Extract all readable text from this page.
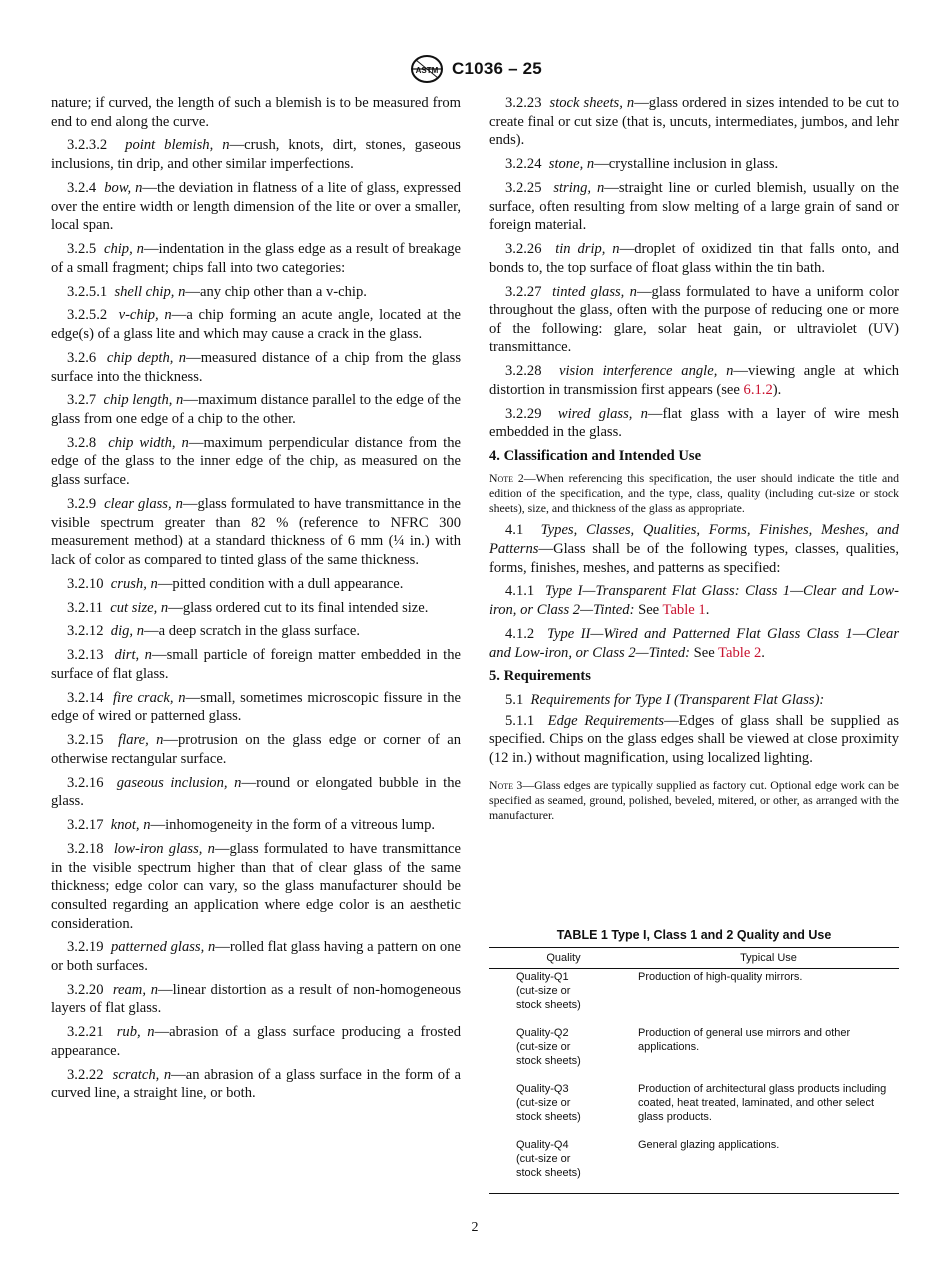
ASTM C1036 – 25

nature; if curved, the length of such a blemish is to be measured from end to end along the curve.

3.2.3.2 point blemish, n—crush, knots, dirt, stones, gaseous inclusions, tin drip, and other similar imperfections.

3.2.4 bow, n—the deviation in flatness of a lite of glass, expressed over the entire width or length dimension of the lite or over a smaller, local span.

3.2.5 chip, n—indentation in the glass edge as a result of breakage of a small fragment; chips fall into two categories:

3.2.5.1 shell chip, n—any chip other than a v-chip.

3.2.5.2 v-chip, n—a chip forming an acute angle, located at the edge(s) of a glass lite and which may cause a crack in the glass.

3.2.6 chip depth, n—measured distance of a chip from the glass surface into the thickness.

3.2.7 chip length, n—maximum distance parallel to the edge of the glass from one edge of a chip to the other.

3.2.8 chip width, n—maximum perpendicular distance from the edge of the glass to the inner edge of the chip, as measured on the glass surface.

3.2.9 clear glass, n—glass formulated to have transmittance in the visible spectrum greater than 82 % (reference to NFRC 300 measurement method) at a standard thickness of 6 mm (¼ in.) with lack of color as compared to tinted glass of the same thickness.

3.2.10 crush, n—pitted condition with a dull appearance.

3.2.11 cut size, n—glass ordered cut to its final intended size.

3.2.12 dig, n—a deep scratch in the glass surface.

3.2.13 dirt, n—small particle of foreign matter embedded in the surface of flat glass.

3.2.14 fire crack, n—small, sometimes microscopic fissure in the edge of wired or patterned glass.

3.2.15 flare, n—protrusion on the glass edge or corner of an otherwise rectangular surface.

3.2.16 gaseous inclusion, n—round or elongated bubble in the glass.

3.2.17 knot, n—inhomogeneity in the form of a vitreous lump.

3.2.18 low-iron glass, n—glass formulated to have transmittance in the visible spectrum higher than that of clear glass of the same thickness; edge color can vary, so the glass manufacturer should be consulted regarding an application where edge color is an aesthetic consideration.

3.2.19 patterned glass, n—rolled flat glass having a pattern on one or both surfaces.

3.2.20 ream, n—linear distortion as a result of non-homogeneous layers of flat glass.

3.2.21 rub, n—abrasion of a glass surface producing a frosted appearance.

3.2.22 scratch, n—an abrasion of a glass surface in the form of a curved line, a straight line, or both.

3.2.23 stock sheets, n—glass ordered in sizes intended to be cut to create final or cut size (that is, uncuts, intermediates, jumbos, and lehr ends).

3.2.24 stone, n—crystalline inclusion in glass.

3.2.25 string, n—straight line or curled blemish, usually on the surface, often resulting from slow melting of a large grain of sand or foreign material.

3.2.26 tin drip, n—droplet of oxidized tin that falls onto, and bonds to, the top surface of float glass within the tin bath.

3.2.27 tinted glass, n—glass formulated to have a uniform color throughout the glass, often with the purpose of reducing one or more of the following: glare, solar heat gain, or ultraviolet (UV) transmittance.

3.2.28 vision interference angle, n—viewing angle at which distortion in transmission first appears (see 6.1.2).

3.2.29 wired glass, n—flat glass with a layer of wire mesh embedded in the glass.

4. Classification and Intended Use

Note 2—When referencing this specification, the user should indicate the title and edition of the specification, and the type, class, quality (including cut-size or stock sheets), size, and thickness of the glass as appropriate.

4.1 Types, Classes, Qualities, Forms, Finishes, Meshes, and Patterns—Glass shall be of the following types, classes, qualities, forms, finishes, meshes, and patterns as specified:

4.1.1 Type I—Transparent Flat Glass: Class 1—Clear and Low-iron, or Class 2—Tinted: See Table 1.

4.1.2 Type II—Wired and Patterned Flat Glass Class 1—Clear and Low-iron, or Class 2—Tinted: See Table 2.

5. Requirements

5.1 Requirements for Type I (Transparent Flat Glass):

5.1.1 Edge Requirements—Edges of glass shall be supplied as specified. Chips on the glass edges shall be viewed at close proximity (12 in.) without magnification, using localized lighting.

Note 3—Glass edges are typically supplied as factory cut. Optional edge work can be specified as seamed, ground, polished, beveled, mitered, or other, as arranged with the manufacturer.

TABLE 1 Type I, Class 1 and 2 Quality and Use
Quality	Typical Use

Quality-Q1
(cut-size or
stock sheets)	Production of high-quality mirrors.

Quality-Q2
(cut-size or
stock sheets)	Production of general use mirrors and other applications.

Quality-Q3
(cut-size or
stock sheets)	Production of architectural glass products including coated, heat treated, laminated, and other select glass products.

Quality-Q4
(cut-size or
stock sheets)	General glazing applications.
2
